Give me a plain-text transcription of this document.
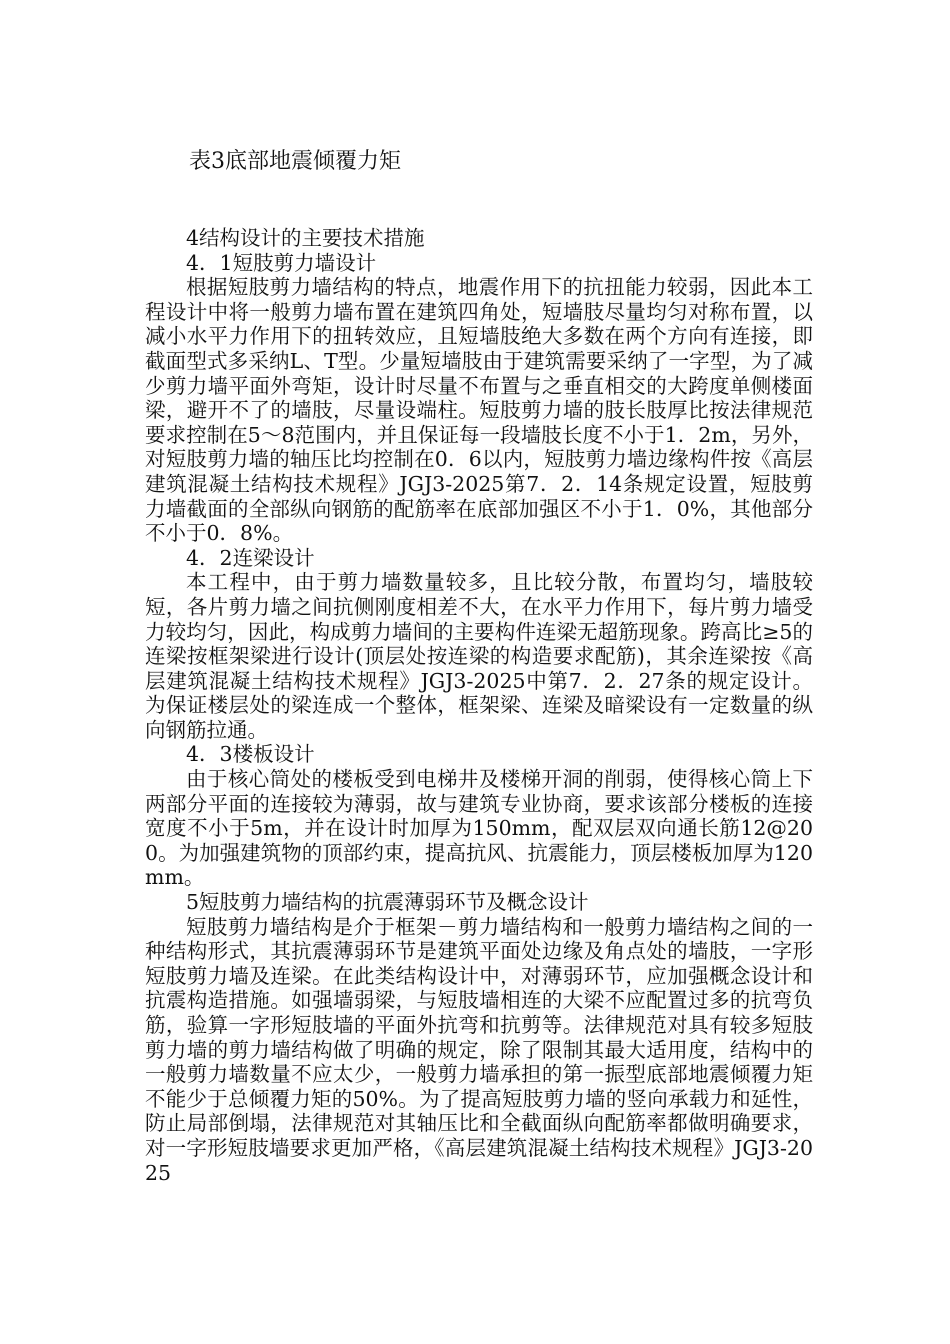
表3底部地震倾覆力矩

4结构设计的主要技术措施

4．1短肢剪力墙设计

根据短肢剪力墙结构的特点，地震作用下的抗扭能力较弱，因此本工程设计中将一般剪力墙布置在建筑四角处，短墙肢尽量均匀对称布置，以减小水平力作用下的扭转效应，且短墙肢绝大多数在两个方向有连接，即截面型式多采纳L、T型。少量短墙肢由于建筑需要采纳了一字型，为了减少剪力墙平面外弯矩，设计时尽量不布置与之垂直相交的大跨度单侧楼面梁，避开不了的墙肢，尽量设端柱。短肢剪力墙的肢长肢厚比按法律规范要求控制在5～8范围内，并且保证每一段墙肢长度不小于1．2m，另外，对短肢剪力墙的轴压比均控制在0．6以内，短肢剪力墙边缘构件按《高层建筑混凝土结构技术规程》JGJ3-2025第7．2．14条规定设置，短肢剪力墙截面的全部纵向钢筋的配筋率在底部加强区不小于1．0%，其他部分不小于0．8%。

4．2连梁设计

本工程中，由于剪力墙数量较多，且比较分散，布置均匀，墙肢较短，各片剪力墙之间抗侧刚度相差不大，在水平力作用下，每片剪力墙受力较均匀，因此，构成剪力墙间的主要构件连梁无超筋现象。跨高比≥5的连梁按框架梁进行设计(顶层处按连梁的构造要求配筋)，其余连梁按《高层建筑混凝土结构技术规程》JGJ3-2025中第7．2．27条的规定设计。为保证楼层处的梁连成一个整体，框架梁、连梁及暗梁设有一定数量的纵向钢筋拉通。

4．3楼板设计

由于核心筒处的楼板受到电梯井及楼梯开洞的削弱，使得核心筒上下两部分平面的连接较为薄弱，故与建筑专业协商，要求该部分楼板的连接宽度不小于5m，并在设计时加厚为150mm，配双层双向通长筋12@200。为加强建筑物的顶部约束，提高抗风、抗震能力，顶层楼板加厚为120mm。

5短肢剪力墙结构的抗震薄弱环节及概念设计

短肢剪力墙结构是介于框架－剪力墙结构和一般剪力墙结构之间的一种结构形式，其抗震薄弱环节是建筑平面处边缘及角点处的墙肢，一字形短肢剪力墙及连梁。在此类结构设计中，对薄弱环节，应加强概念设计和抗震构造措施。如强墙弱梁，与短肢墙相连的大梁不应配置过多的抗弯负筋，验算一字形短肢墙的平面外抗弯和抗剪等。法律规范对具有较多短肢剪力墙的剪力墙结构做了明确的规定，除了限制其最大适用度，结构中的一般剪力墙数量不应太少，一般剪力墙承担的第一振型底部地震倾覆力矩不能少于总倾覆力矩的50%。为了提高短肢剪力墙的竖向承载力和延性，防止局部倒塌，法律规范对其轴压比和全截面纵向配筋率都做明确要求，对一字形短肢墙要求更加严格，《高层建筑混凝土结构技术规程》JGJ3-2025
